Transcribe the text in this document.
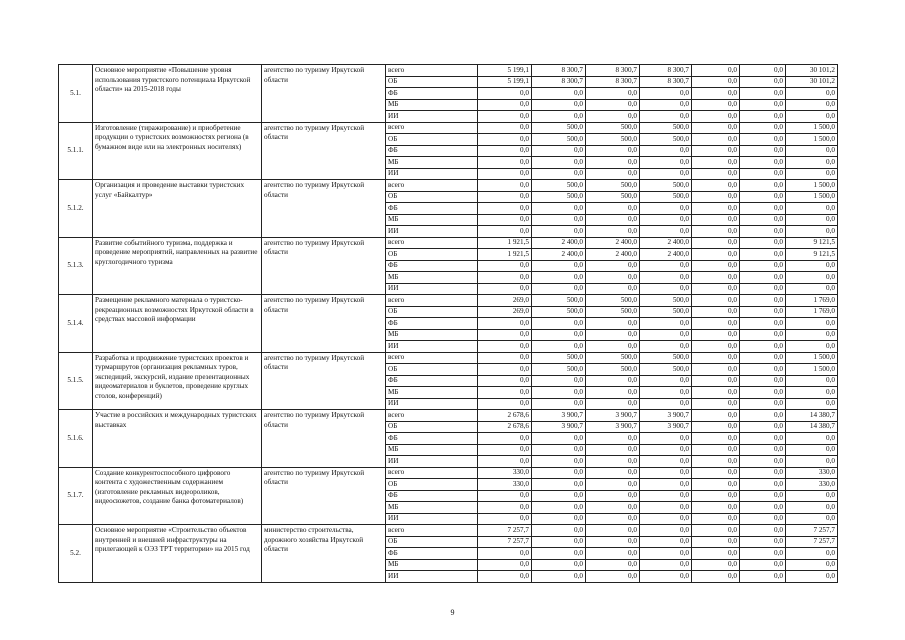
5.1.	Основное мероприятие «Повышение уровня использования туристского потенциала Иркутской области» на 2015-2018 годы	агентство по туризму Иркутской области	всего	5 199,1	8 300,7	8 300,7	8 300,7	0,0	0,0	30 101,2
			ОБ	5 199,1	8 300,7	8 300,7	8 300,7	0,0	0,0	30 101,2
			ФБ	0,0	0,0	0,0	0,0	0,0	0,0	0,0
			МБ	0,0	0,0	0,0	0,0	0,0	0,0	0,0
			ИИ	0,0	0,0	0,0	0,0	0,0	0,0	0,0
5.1.1.	Изготовление (тиражирование) и приобретение продукции о туристских возможностях региона (в бумажном виде или на электронных носителях)	агентство по туризму Иркутской области	всего	0,0	500,0	500,0	500,0	0,0	0,0	1 500,0
			ОБ	0,0	500,0	500,0	500,0	0,0	0,0	1 500,0
			ФБ	0,0	0,0	0,0	0,0	0,0	0,0	0,0
			МБ	0,0	0,0	0,0	0,0	0,0	0,0	0,0
			ИИ	0,0	0,0	0,0	0,0	0,0	0,0	0,0
5.1.2.	Организация и проведение выставки туристских услуг «Байкалтур»	агентство по туризму Иркутской области	всего	0,0	500,0	500,0	500,0	0,0	0,0	1 500,0
			ОБ	0,0	500,0	500,0	500,0	0,0	0,0	1 500,0
			ФБ	0,0	0,0	0,0	0,0	0,0	0,0	0,0
			МБ	0,0	0,0	0,0	0,0	0,0	0,0	0,0
			ИИ	0,0	0,0	0,0	0,0	0,0	0,0	0,0
5.1.3.	Развитие событийного туризма, поддержка и проведение мероприятий, направленных на развитие круглогодичного туризма	агентство по туризму Иркутской области	всего	1 921,5	2 400,0	2 400,0	2 400,0	0,0	0,0	9 121,5
			ОБ	1 921,5	2 400,0	2 400,0	2 400,0	0,0	0,0	9 121,5
			ФБ	0,0	0,0	0,0	0,0	0,0	0,0	0,0
			МБ	0,0	0,0	0,0	0,0	0,0	0,0	0,0
			ИИ	0,0	0,0	0,0	0,0	0,0	0,0	0,0
5.1.4.	Размещение рекламного материала о туристско-рекреационных возможностях Иркутской области в средствах массовой информации	агентство по туризму Иркутской области	всего	269,0	500,0	500,0	500,0	0,0	0,0	1 769,0
			ОБ	269,0	500,0	500,0	500,0	0,0	0,0	1 769,0
			ФБ	0,0	0,0	0,0	0,0	0,0	0,0	0,0
			МБ	0,0	0,0	0,0	0,0	0,0	0,0	0,0
			ИИ	0,0	0,0	0,0	0,0	0,0	0,0	0,0
5.1.5.	Разработка и продвижение туристских проектов и турмаршрутов (организация рекламных туров, экспедиций, экскурсий, издание презентационных видеоматериалов и буклетов, проведение круглых столов, конференций)	агентство по туризму Иркутской области	всего	0,0	500,0	500,0	500,0	0,0	0,0	1 500,0
			ОБ	0,0	500,0	500,0	500,0	0,0	0,0	1 500,0
			ФБ	0,0	0,0	0,0	0,0	0,0	0,0	0,0
			МБ	0,0	0,0	0,0	0,0	0,0	0,0	0,0
			ИИ	0,0	0,0	0,0	0,0	0,0	0,0	0,0
5.1.6.	Участие в российских и международных туристских выставках	агентство по туризму Иркутской области	всего	2 678,6	3 900,7	3 900,7	3 900,7	0,0	0,0	14 380,7
			ОБ	2 678,6	3 900,7	3 900,7	3 900,7	0,0	0,0	14 380,7
			ФБ	0,0	0,0	0,0	0,0	0,0	0,0	0,0
			МБ	0,0	0,0	0,0	0,0	0,0	0,0	0,0
			ИИ	0,0	0,0	0,0	0,0	0,0	0,0	0,0
5.1.7.	Создание конкурентоспособного цифрового контента с художественным содержанием (изготовление рекламных видеороликов, видеосюжетов, создание банка фотоматериалов)	агентство по туризму Иркутской области	всего	330,0	0,0	0,0	0,0	0,0	0,0	330,0
			ОБ	330,0	0,0	0,0	0,0	0,0	0,0	330,0
			ФБ	0,0	0,0	0,0	0,0	0,0	0,0	0,0
			МБ	0,0	0,0	0,0	0,0	0,0	0,0	0,0
			ИИ	0,0	0,0	0,0	0,0	0,0	0,0	0,0
5.2.	Основное мероприятие «Строительство объектов внутренней и внешней инфраструктуры на прилегающей к ОЭЗ ТРТ территории» на 2015 год	министерство строительства, дорожного хозяйства Иркутской области	всего	7 257,7	0,0	0,0	0,0	0,0	0,0	7 257,7
			ОБ	7 257,7	0,0	0,0	0,0	0,0	0,0	7 257,7
			ФБ	0,0	0,0	0,0	0,0	0,0	0,0	0,0
			МБ	0,0	0,0	0,0	0,0	0,0	0,0	0,0
			ИИ	0,0	0,0	0,0	0,0	0,0	0,0	0,0
9
